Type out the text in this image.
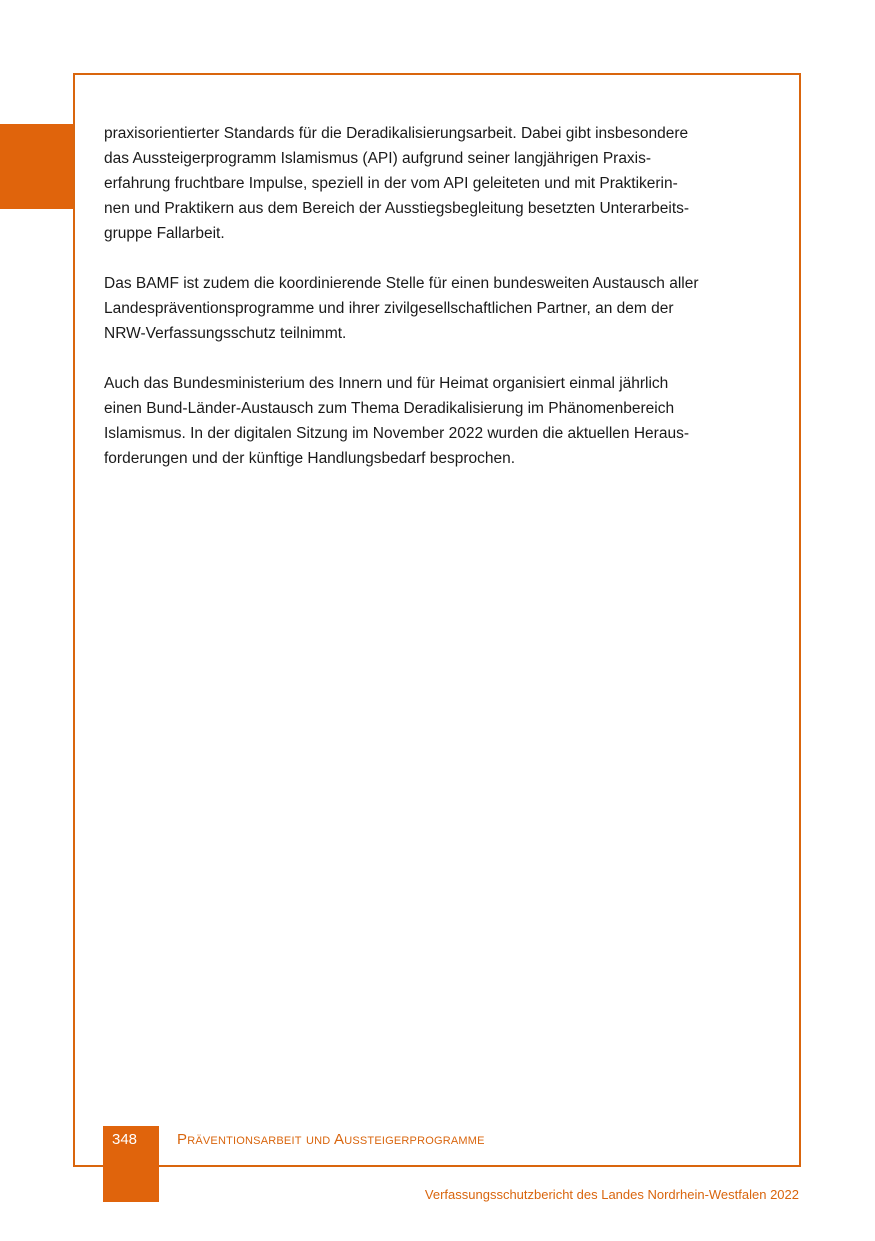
praxisorientierter Standards für die Deradikalisierungsarbeit. Dabei gibt insbesondere
das Aussteigerprogramm Islamismus (API) aufgrund seiner langjährigen Praxis-
erfahrung fruchtbare Impulse, speziell in der vom API geleiteten und mit Praktikerin-
nen und Praktikern aus dem Bereich der Ausstiegsbegleitung besetzten Unterarbeits-
gruppe Fallarbeit.

Das BAMF ist zudem die koordinierende Stelle für einen bundesweiten Austausch aller
Landespräventionsprogramme und ihrer zivilgesellschaftlichen Partner, an dem der
NRW-Verfassungsschutz teilnimmt.

Auch das Bundesministerium des Innern und für Heimat organisiert einmal jährlich
einen Bund-Länder-Austausch zum Thema Deradikalisierung im Phänomenbereich
Islamismus. In der digitalen Sitzung im November 2022 wurden die aktuellen Heraus-
forderungen und der künftige Handlungsbedarf besprochen.

348	Präventionsarbeit und Aussteigerprogramme
Verfassungsschutzbericht des Landes Nordrhein-Westfalen 2022
